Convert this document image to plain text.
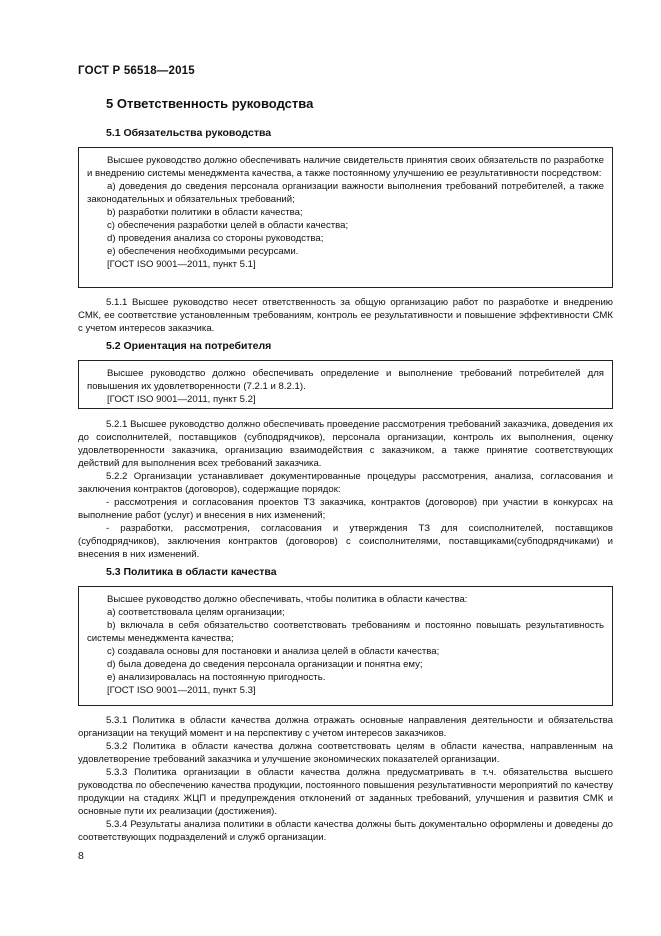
ГОСТ Р 56518—2015
5 Ответственность руководства
5.1 Обязательства руководства

Высшее руководство должно обеспечивать наличие свидетельств принятия своих обязательств по разработке и внедрению системы менеджмента качества, а также постоянному улучшению ее результативности посредством:

a) доведения до сведения персонала организации важности выполнения требований потребителей, а также законодательных и обязательных требований;

b) разработки политики в области качества;

c) обеспечения разработки целей в области качества;

d) проведения анализа со стороны руководства;

e) обеспечения необходимыми ресурсами.

[ГОСТ ISO 9001—2011, пункт 5.1]

5.1.1 Высшее руководство несет ответственность за общую организацию работ по разработке и внедрению СМК, ее соответствие установленным требованиям, контроль ее результативности и повышение эффективности СМК с учетом интересов заказчика.

5.2 Ориентация на потребителя

Высшее руководство должно обеспечивать определение и выполнение требований потребителей для повышения их удовлетворенности (7.2.1 и 8.2.1).

[ГОСТ ISO 9001—2011, пункт 5.2]

5.2.1 Высшее руководство должно обеспечивать проведение рассмотрения требований заказчика, доведения их до соисполнителей, поставщиков (субподрядчиков), персонала организации, контроль их выполнения, оценку удовлетворенности заказчика, организацию взаимодействия с заказчиком, а также принятие соответствующих действий для выполнения всех требований заказчика.

5.2.2 Организации устанавливает документированные процедуры рассмотрения, анализа, согласования и заключения контрактов (договоров), содержащие порядок:

- рассмотрения и согласования проектов ТЗ заказчика, контрактов (договоров) при участии в конкурсах на выполнение работ (услуг) и внесения в них изменений;

- разработки, рассмотрения, согласования и утверждения ТЗ для соисполнителей, поставщиков (субподрядчиков), заключения контрактов (договоров) с соисполнителями, поставщиками(субподрядчиками) и внесения в них изменений.

5.3 Политика в области качества

Высшее руководство должно обеспечивать, чтобы политика в области качества:

a) соответствовала целям организации;

b) включала в себя обязательство соответствовать требованиям и постоянно повышать результативность системы менеджмента качества;

c) создавала основы для постановки и анализа целей в области качества;

d) была доведена до сведения персонала организации и понятна ему;

e) анализировалась на постоянную пригодность.

[ГОСТ ISO 9001—2011, пункт 5.3]

5.3.1 Политика в области качества должна отражать основные направления деятельности и обязательства организации на текущий момент и на перспективу с учетом интересов заказчиков.

5.3.2 Политика в области качества должна соответствовать целям в области качества, направленным на удовлетворение требований заказчика и улучшение экономических показателей организации.

5.3.3 Политика организации в области качества должна предусматривать в т.ч. обязательства высшего руководства по обеспечению качества продукции, постоянного повышения результативности мероприятий по качеству продукции на стадиях ЖЦП и предупреждения отклонений от заданных требований, улучшения и развития СМК и основные пути их реализации (достижения).

5.3.4 Результаты анализа политики в области качества должны быть документально оформлены и доведены до соответствующих подразделений и служб организации.

8
